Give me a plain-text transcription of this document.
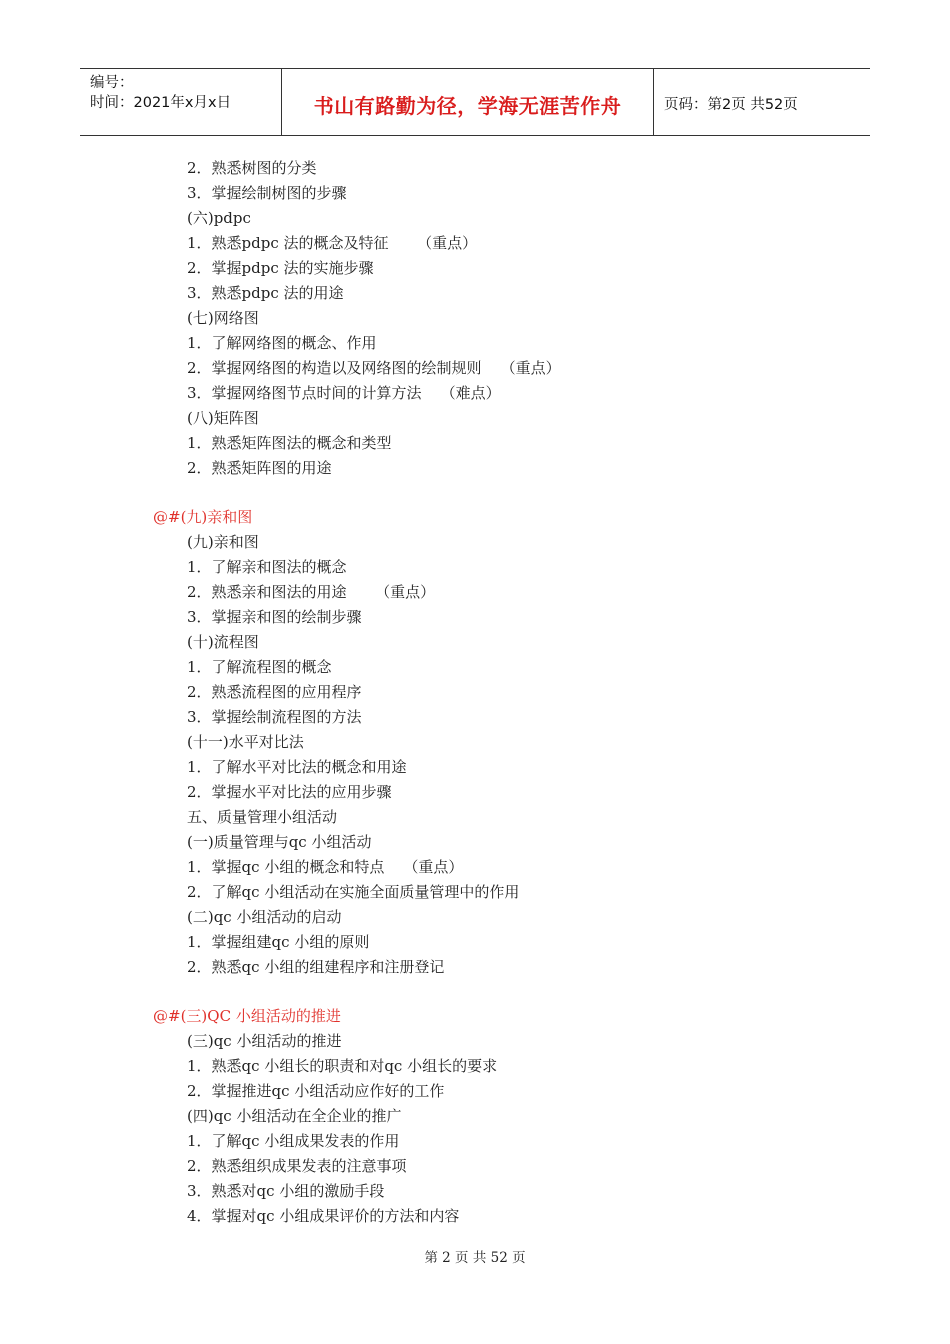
编号：
时间：2021年x月x日	书山有路勤为径，学海无涯苦作舟	页码：第2页 共52页
2．熟悉树图的分类
3．掌握绘制树图的步骤
(六)pdpc
1．熟悉pdpc 法的概念及特征      （重点）
2．掌握pdpc 法的实施步骤
3．熟悉pdpc 法的用途
(七)网络图
1．了解网络图的概念、作用
2．掌握网络图的构造以及网络图的绘制规则    （重点）
3．掌握网络图节点时间的计算方法    （难点）
(八)矩阵图
1．熟悉矩阵图法的概念和类型
2．熟悉矩阵图的用途
@#(九)亲和图
(九)亲和图
1．了解亲和图法的概念
2．熟悉亲和图法的用途      （重点）
3．掌握亲和图的绘制步骤
(十)流程图
1．了解流程图的概念
2．熟悉流程图的应用程序
3．掌握绘制流程图的方法
(十一)水平对比法
1．了解水平对比法的概念和用途
2．掌握水平对比法的应用步骤
五、质量管理小组活动
(一)质量管理与qc 小组活动
1．掌握qc 小组的概念和特点    （重点）
2．了解qc 小组活动在实施全面质量管理中的作用
(二)qc 小组活动的启动
1．掌握组建qc 小组的原则
2．熟悉qc 小组的组建程序和注册登记
@#(三)QC 小组活动的推进
(三)qc 小组活动的推进
1．熟悉qc 小组长的职责和对qc 小组长的要求
2．掌握推进qc 小组活动应作好的工作
(四)qc 小组活动在全企业的推广
1．了解qc 小组成果发表的作用
2．熟悉组织成果发表的注意事项
3．熟悉对qc 小组的激励手段
4．掌握对qc 小组成果评价的方法和内容
第 2 页 共 52 页
